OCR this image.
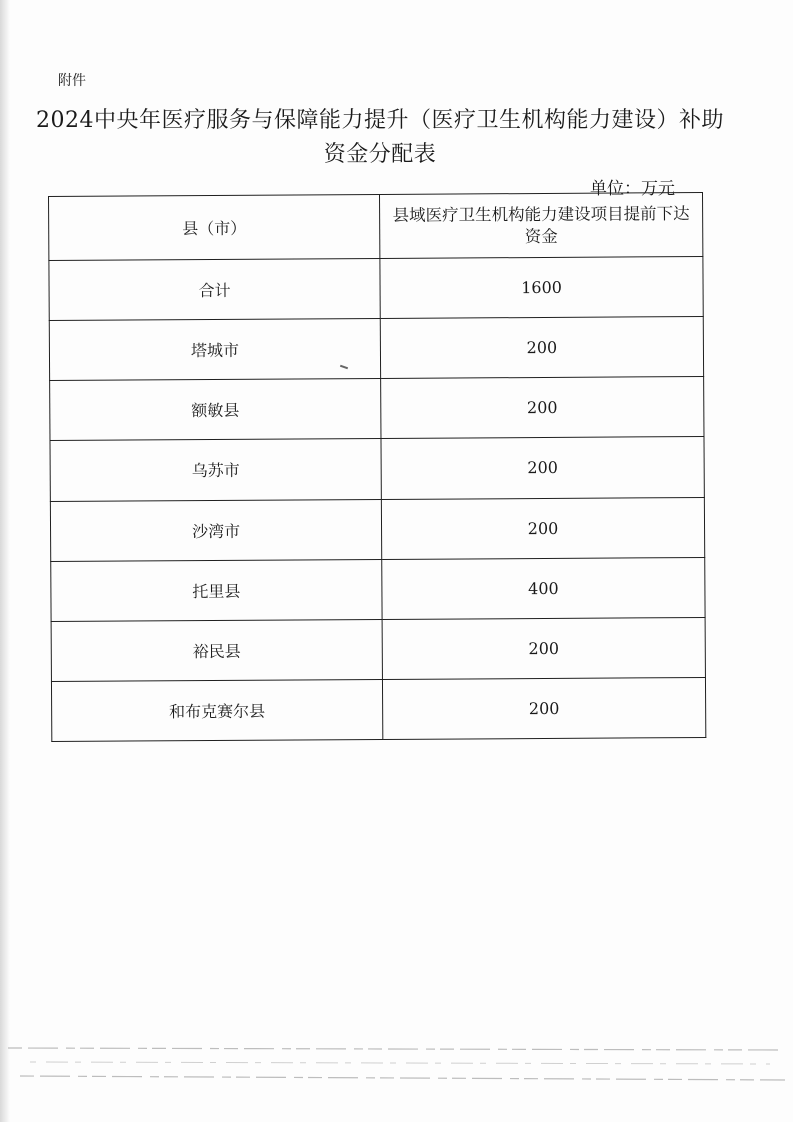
附件
2024中央年医疗服务与保障能力提升（医疗卫生机构能力建设）补助资金分配表
单位：万元
县（市）	县域医疗卫生机构能力建设项目提前下达资金
合计	1600
塔城市	200
额敏县	200
乌苏市	200
沙湾市	200
托里县	400
裕民县	200
和布克赛尔县	200
